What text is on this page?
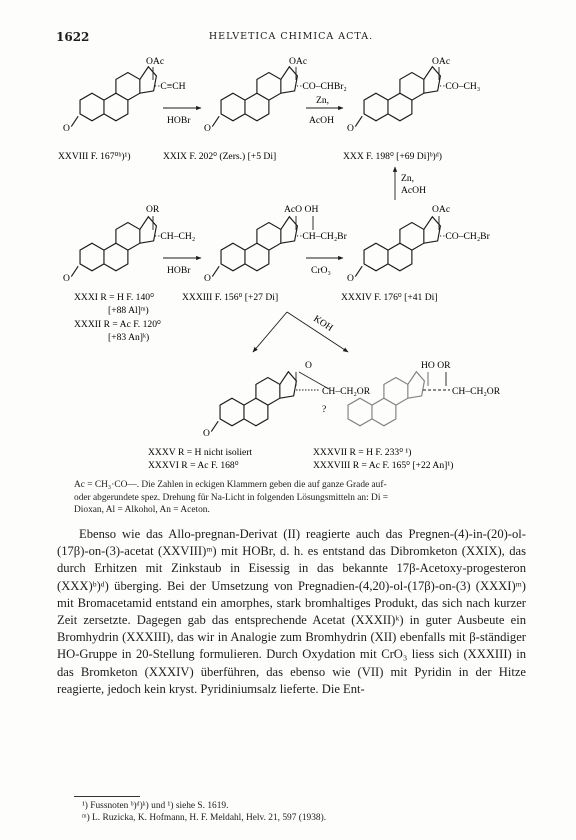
1622	HELVETICA CHIMICA ACTA.
OAc
··C≡CH
O
HOBr
OAc
··CO–CHBr₂
O
Zn,
AcOH
OAc
··CO–CH₃
O
XXVIII F. 167⁰ᵇ)¹)	XXIX F. 202⁰ (Zers.) [+5 Di]	XXX F. 198⁰ [+69 Di]ᵇ)ᵈ)
Zn,
AcOH
OR
··CH–CH₂
O
HOBr
AcO OH
··CH–CH₂Br
O
CrO₃
OAc
··CO–CH₂Br
O
XXXI R = H F. 140⁰
[+88 Al]ᵐ)
XXXII R = Ac F. 120⁰
[+83 An]ᵏ)
XXXIII F. 156⁰ [+27 Di]	XXXIV F. 176⁰ [+41 Di]
KOH
O
CH–CH₂OR
O
?
HO OR
CH–CH₂OR
XXXV R = H nicht isoliert
XXXVI R = Ac F. 168⁰
XXXVII R = H F. 233⁰ ¹)
XXXVIII R = Ac F. 165⁰ [+22 An]¹)
Ac = CH₃·CO—. Die Zahlen in eckigen Klammern geben die auf ganze Grade auf-
oder abgerundete spez. Drehung für Na-Licht in folgenden Lösungsmitteln an: Di =
Dioxan, Al = Alkohol, An = Aceton.

Ebenso wie das Allo-pregnan-Derivat (II) reagierte auch das Pregnen-(4)-in-(20)-ol-(17β)-on-(3)-acetat (XXVIII)ᵐ) mit HOBr, d. h. es entstand das Dibromketon (XXIX), das durch Erhitzen mit Zinkstaub in Eisessig in das bekannte 17β-Acetoxy-progesteron (XXX)ᵇ)ᵈ) überging. Bei der Umsetzung von Pregnadien-(4,20)-ol-(17β)-on-(3) (XXXI)ᵐ) mit Bromacetamid entstand ein amorphes, stark bromhaltiges Produkt, das sich nach kurzer Zeit zersetzte. Dagegen gab das entsprechende Acetat (XXXII)ᵏ) in guter Ausbeute ein Bromhydrin (XXXIII), das wir in Analogie zum Bromhydrin (XII) ebenfalls mit β-ständiger HO-Gruppe in 20-Stellung formulieren. Durch Oxydation mit CrO₃ liess sich (XXXIII) in das Bromketon (XXXIV) überführen, das ebenso wie (VII) mit Pyridin in der Hitze reagierte, jedoch kein kryst. Pyridiniumsalz lieferte. Die Ent-

¹) Fussnoten ᵇ)ᵈ)ᵏ) und ¹) siehe S. 1619.
ᵐ) L. Ruzicka, K. Hofmann, H. F. Meldahl, Helv. 21, 597 (1938).
